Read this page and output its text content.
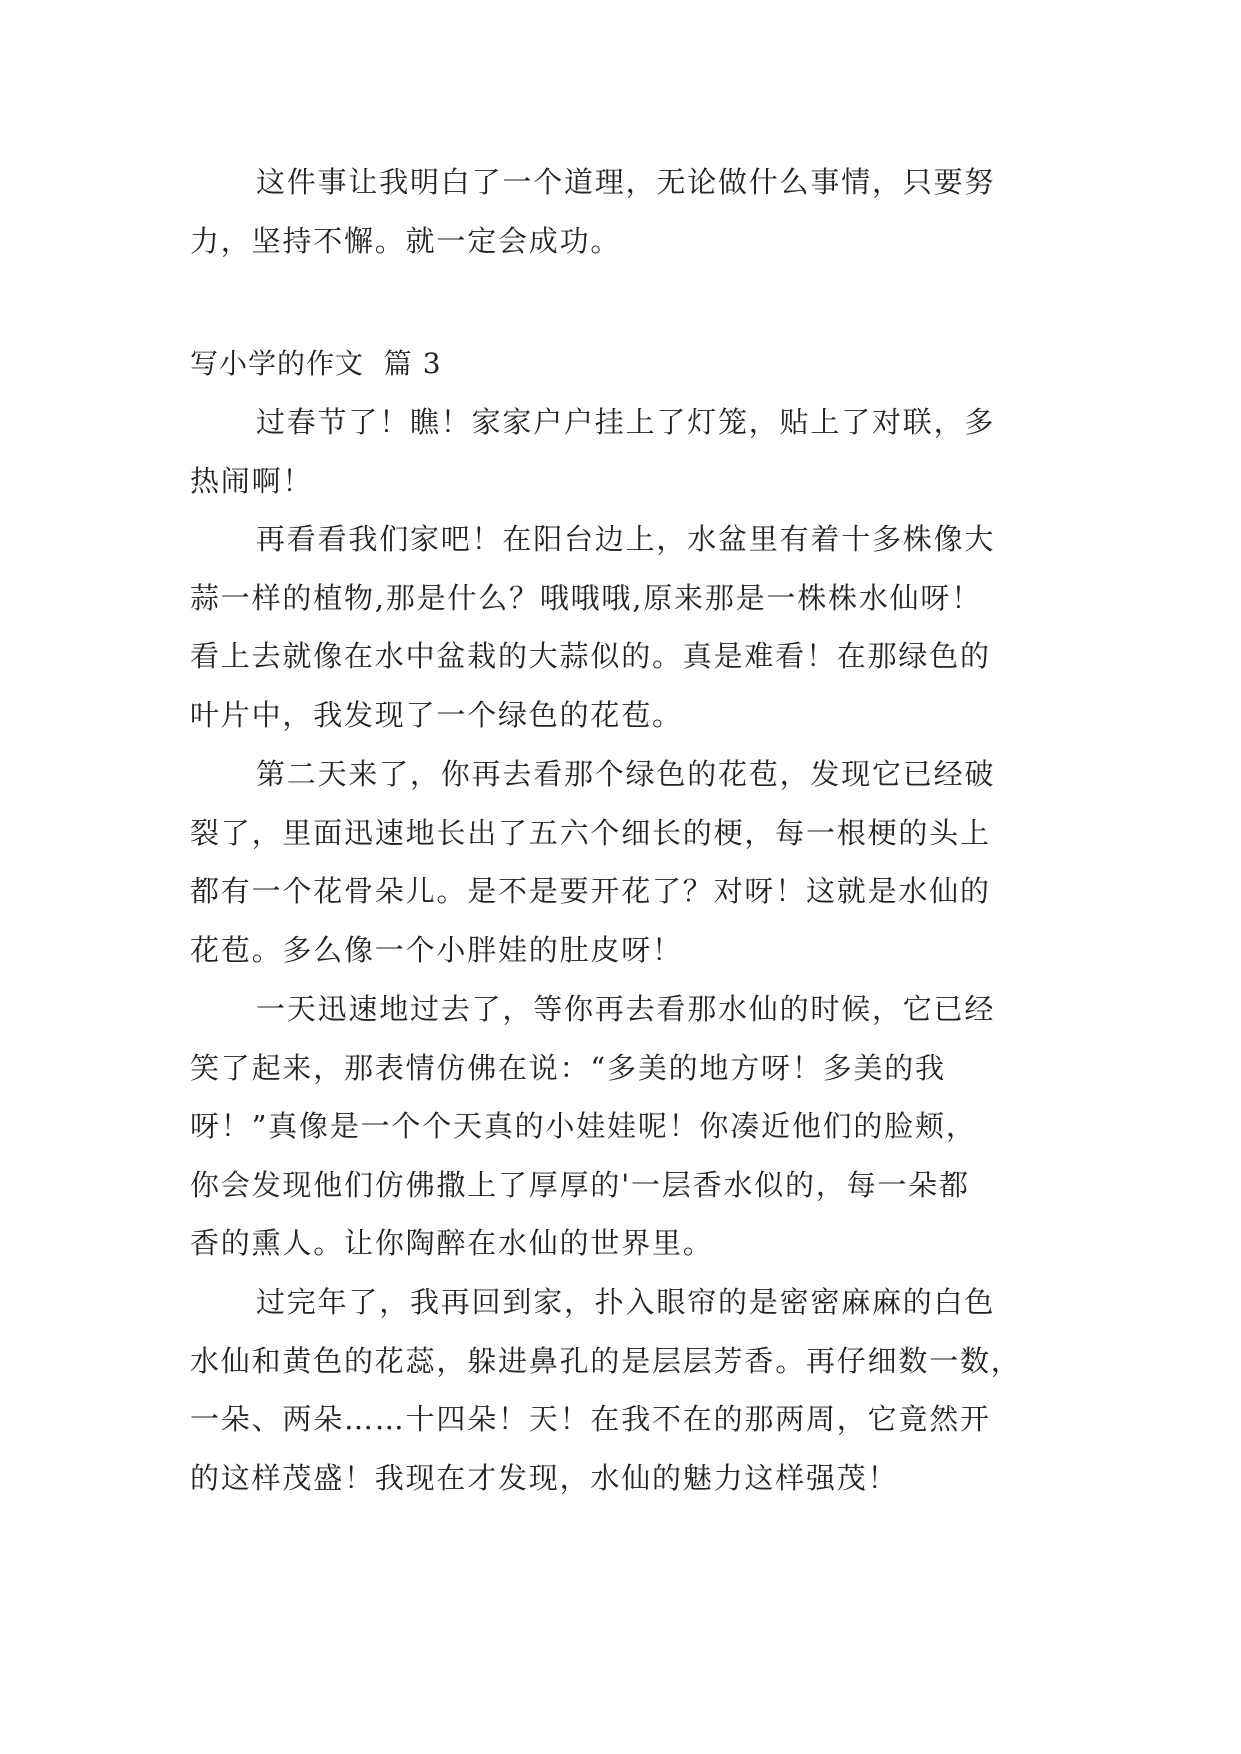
这件事让我明白了一个道理，无论做什么事情，只要努
力，坚持不懈。就一定会成功。
写小学的作文  篇 3
过春节了！瞧！家家户户挂上了灯笼，贴上了对联，多
热闹啊！
再看看我们家吧！在阳台边上，水盆里有着十多株像大
蒜一样的植物,那是什么？哦哦哦,原来那是一株株水仙呀！
看上去就像在水中盆栽的大蒜似的。真是难看！在那绿色的
叶片中，我发现了一个绿色的花苞。
第二天来了，你再去看那个绿色的花苞，发现它已经破
裂了，里面迅速地长出了五六个细长的梗，每一根梗的头上
都有一个花骨朵儿。是不是要开花了？对呀！这就是水仙的
花苞。多么像一个小胖娃的肚皮呀！
一天迅速地过去了，等你再去看那水仙的时候，它已经
笑了起来，那表情仿佛在说：“多美的地方呀！多美的我
呀！”真像是一个个天真的小娃娃呢！你凑近他们的脸颊，
你会发现他们仿佛撒上了厚厚的'一层香水似的，每一朵都
香的熏人。让你陶醉在水仙的世界里。
过完年了，我再回到家，扑入眼帘的是密密麻麻的白色
水仙和黄色的花蕊，躲进鼻孔的是层层芳香。再仔细数一数，
一朵、两朵……十四朵！天！在我不在的那两周，它竟然开
的这样茂盛！我现在才发现，水仙的魅力这样强茂！
